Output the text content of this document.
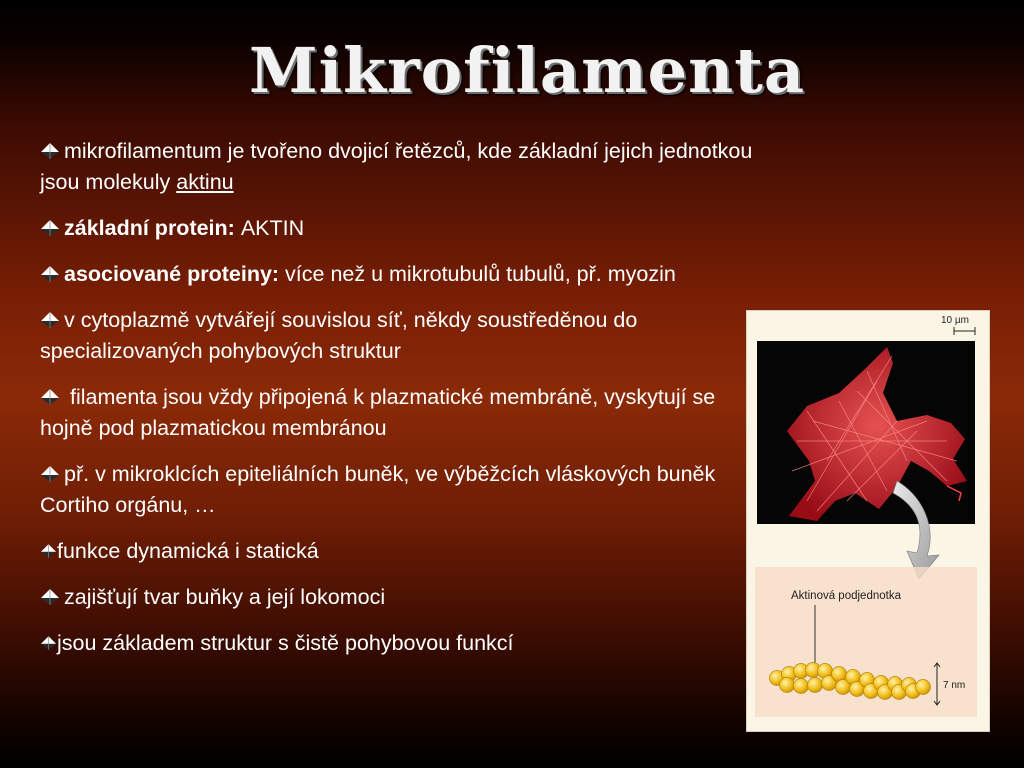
Mikrofilamenta
mikrofilamentum je tvořeno dvojicí řetězců, kde základní jejich jednotkou jsou molekuly aktinu
základní protein: AKTIN
asociované proteiny: více než u mikrotubulů tubulů, př. myozin
v cytoplazmě vytvářejí souvislou síť, někdy soustředěnou do specializovaných pohybových struktur
filamenta jsou vždy připojená k plazmatické membráně, vyskytují se hojně pod plazmatickou membránou
př. v mikroklcích epiteliálních buněk, ve výběžcích vláskových buněk Cortiho orgánu, …
funkce dynamická i statická
zajišťují tvar buňky a její lokomoci
jsou základem struktur s čistě pohybovou funkcí
10 µm
Aktinová podjednotka
7 nm
